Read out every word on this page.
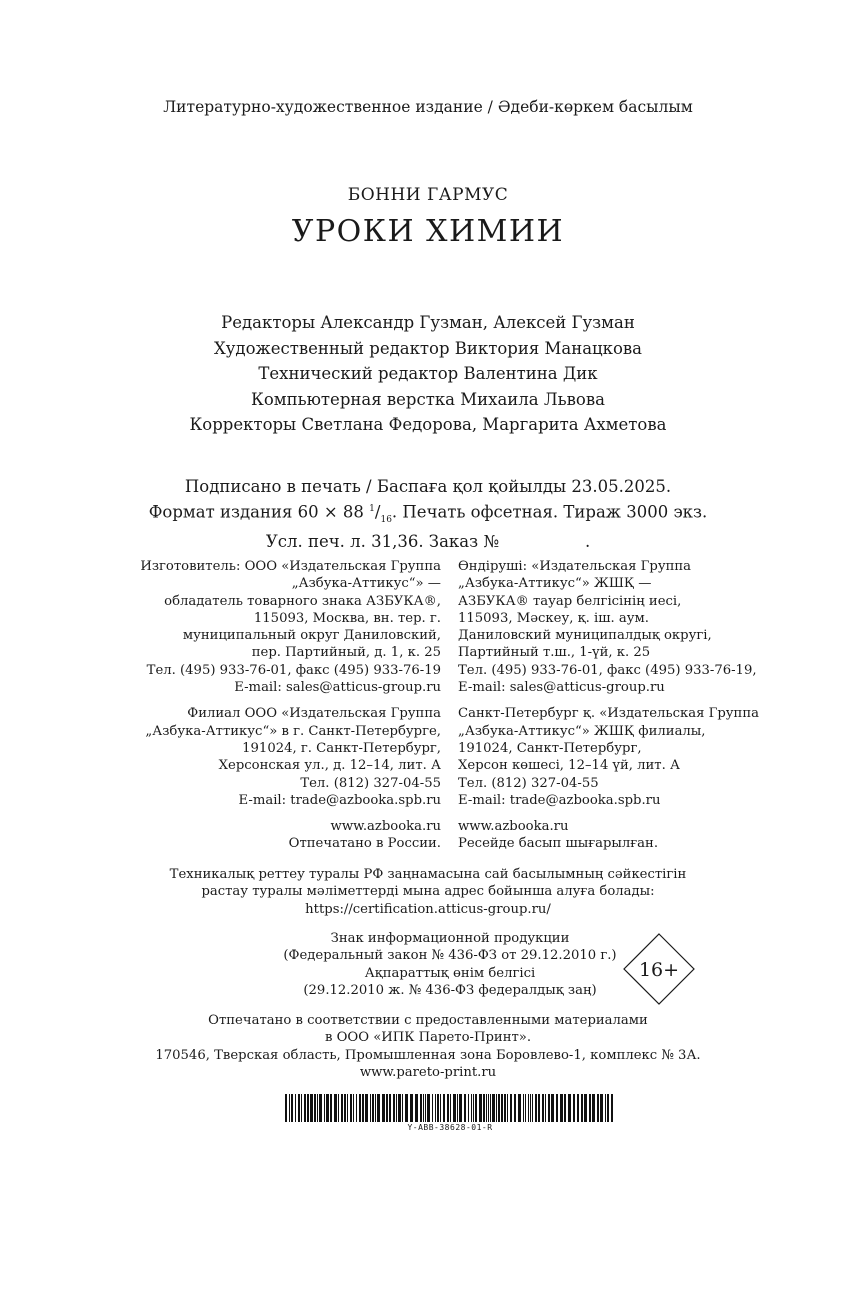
Литературно-художественное издание / Әдеби-көркем басылым
БОННИ ГАРМУС
УРОКИ ХИМИИ
Редакторы Александр Гузман, Алексей Гузман
Художественный редактор Виктория Манацкова
Технический редактор Валентина Дик
Компьютерная верстка Михаила Львова
Корректоры Светлана Федорова, Маргарита Ахметова
Подписано в печать / Баспаға қол қойылды 23.05.2025.
Формат издания 60 × 88 $^1/_{16}$. Печать офсетная. Тираж 3000 экз.
Усл. печ. л. 31,36. Заказ №	.
Изготовитель: ООО «Издательская Группа
„Азбука-Аттикус“» —
обладатель товарного знака АЗБУКА®,
115093, Москва, вн. тер. г.
муниципальный округ Даниловский,
пер. Партийный, д. 1, к. 25
Тел. (495) 933-76-01, факс (495) 933-76-19
E-mail: sales@atticus-group.ru
Филиал ООО «Издательская Группа
„Азбука-Аттикус“» в г. Санкт-Петербурге,
191024, г. Санкт-Петербург,
Херсонская ул., д. 12–14, лит. А
Тел. (812) 327-04-55
E-mail: trade@azbooka.spb.ru
www.azbooka.ru
Отпечатано в России.
Өндіруші: «Издательская Группа
„Азбука-Аттикус“» ЖШҚ —
АЗБУКА® тауар белгісінің иесі,
115093, Мәскеу, қ. іш. аум.
Даниловский муниципалдық округі,
Партийный т.ш., 1-үй, к. 25
Тел. (495) 933-76-01, факс (495) 933-76-19,
E-mail: sales@atticus-group.ru
Санкт-Петербург қ. «Издательская Группа
„Азбука-Аттикус“» ЖШҚ филиалы,
191024, Санкт-Петербург,
Херсон көшесі, 12–14 үй, лит. А
Тел. (812) 327-04-55
E-mail: trade@azbooka.spb.ru
www.azbooka.ru
Ресейде басып шығарылған.
Техникалық реттеу туралы РФ заңнамасына сай басылымның сәйкестігін
растау туралы мәліметтерді мына адрес бойынша алуға болады:
https://certification.atticus-group.ru/
Знак информационной продукции
(Федеральный закон № 436-ФЗ от 29.12.2010 г.)
Ақпараттық өнім белгісі
(29.12.2010 ж. № 436-ФЗ федералдық заң)
16+
Отпечатано в соответствии с предоставленными материалами
в ООО «ИПК Парето-Принт».
170546, Тверская область, Промышленная зона Боровлево-1, комплекс № 3А.
www.pareto-print.ru
Y-ABB-38628-01-R
